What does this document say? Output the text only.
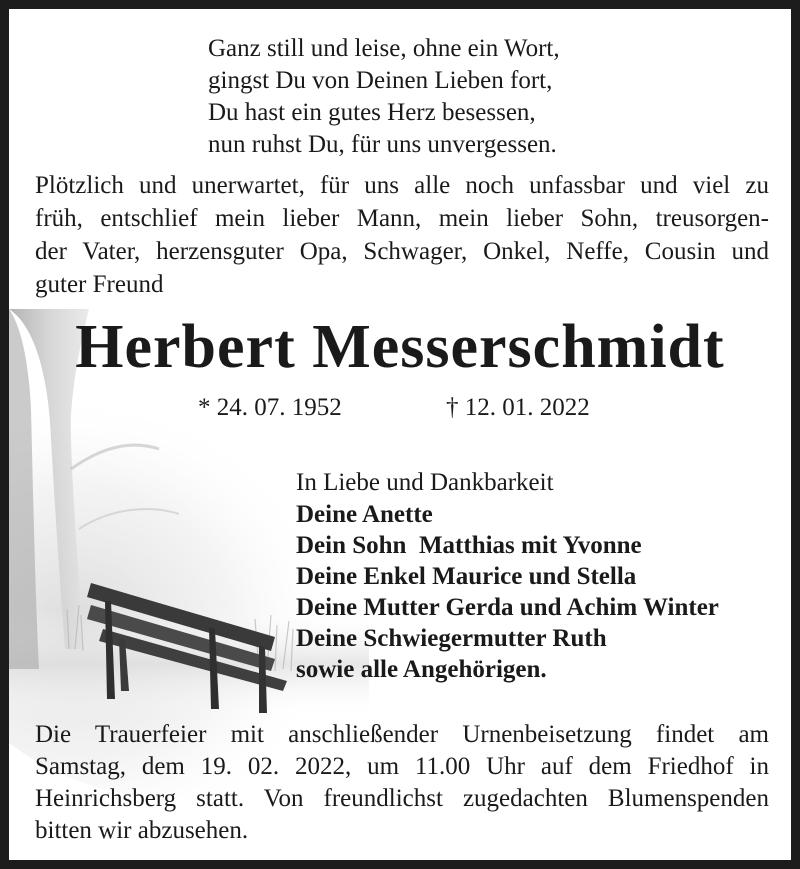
Ganz still und leise, ohne ein Wort,
gingst Du von Deinen Lieben fort,
Du hast ein gutes Herz besessen,
nun ruhst Du, für uns unvergessen.
Plötzlich und unerwartet, für uns alle noch unfassbar und viel zu
früh, entschlief mein lieber Mann, mein lieber Sohn, treusorgen-
der Vater, herzensguter Opa, Schwager, Onkel, Neffe, Cousin und
guter Freund
Herbert Messerschmidt
* 24. 07. 1952	† 12. 01. 2022
In Liebe und Dankbarkeit
Deine Anette
Dein Sohn  Matthias mit Yvonne
Deine Enkel Maurice und Stella
Deine Mutter Gerda und Achim Winter
Deine Schwiegermutter Ruth
sowie alle Angehörigen.
Die Trauerfeier mit anschließender Urnenbeisetzung findet am
Samstag, dem 19. 02. 2022, um 11.00 Uhr auf dem Friedhof in
Heinrichsberg statt. Von freundlichst zugedachten Blumenspenden
bitten wir abzusehen.
